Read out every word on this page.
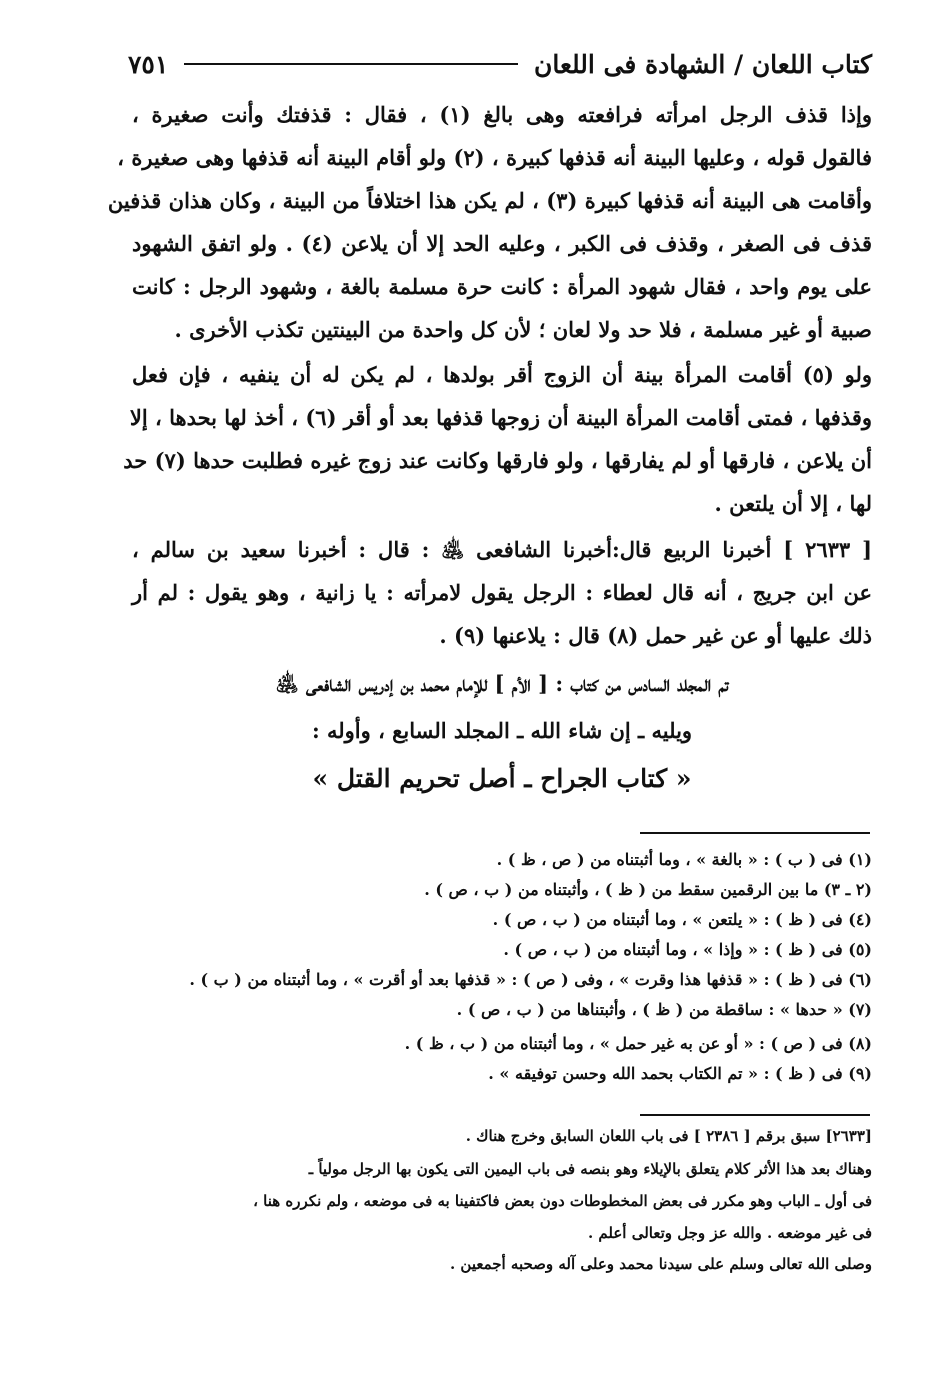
كتاب اللعان / الشهادة فى اللعان
٧٥١
وإذا قذف الرجل امرأته فرافعته وهى بالغ (١) ، فقال : قذفتك وأنت صغيرة ،
فالقول قوله ، وعليها البينة أنه قذفها كبيرة ، (٢) ولو أقام البينة أنه قذفها وهى صغيرة ،
وأقامت هى البينة أنه قذفها كبيرة (٣) ، لم يكن هذا اختلافاً من البينة ، وكان هذان قذفين
قذف فى الصغر ، وقذف فى الكبر ، وعليه الحد إلا أن يلاعن (٤) . ولو اتفق الشهود
على يوم واحد ، فقال شهود المرأة : كانت حرة مسلمة بالغة ، وشهود الرجل : كانت
صبية أو غير مسلمة ، فلا حد ولا لعان ؛ لأن كل واحدة من البينتين تكذب الأخرى .
ولو (٥) أقامت المرأة بينة أن الزوج أقر بولدها ، لم يكن له أن ينفيه ، فإن فعل
وقذفها ، فمتى أقامت المرأة البينة أن زوجها قذفها بعد أو أقر (٦) ، أخذ لها بحدها ، إلا
أن يلاعن ، فارقها أو لم يفارقها ، ولو فارقها وكانت عند زوج غيره فطلبت حدها (٧) حد
لها ، إلا أن يلتعن .
[ ٢٦٣٣ ] أخبرنا الربيع قال:أخبرنا الشافعى ﵁ : قال : أخبرنا سعيد بن سالم ،
عن ابن جريج ، أنه قال لعطاء : الرجل يقول لامرأته : يا زانية ، وهو يقول : لم أر
ذلك عليها أو عن غير حمل (٨) قال : يلاعنها (٩) .
تم المجلد السادس من كتاب : [ الأم ] للإمام محمد بن إدريس الشافعى ﵁
ويليه ـ إن شاء الله ـ المجلد السابع ، وأوله :
« كتاب الجراح ـ أصل تحريم القتل »
(١) فى ( ب ) : « بالغة » ، وما أثبتناه من ( ص ، ظ ) .
(٢ ـ ٣) ما بين الرقمين سقط من ( ظ ) ، وأثبتناه من ( ب ، ص ) .
(٤) فى ( ظ ) : « يلتعن » ، وما أثبتناه من ( ب ، ص ) .
(٥) فى ( ظ ) : « وإذا » ، وما أثبتناه من ( ب ، ص ) .
(٦) فى ( ظ ) : « قذفها هذا وقرت » ، وفى ( ص ) : « قذفها بعد أو أقرت » ، وما أثبتناه من ( ب ) .
(٧) « حدها » : ساقطة من ( ظ ) ، وأثبتناها من ( ب ، ص ) .
(٨) فى ( ص ) : « أو عن به غير حمل » ، وما أثبتناه من ( ب ، ظ ) .
(٩) فى ( ظ ) : « تم الكتاب بحمد الله وحسن توفيقه » .
[٢٦٣٣] سبق برقم [ ٢٣٨٦ ] فى باب اللعان السابق وخرج هناك .
وهناك بعد هذا الأثر كلام يتعلق بالإيلاء وهو بنصه فى باب اليمين التى يكون بها الرجل مولياً ـ
فى أول ـ الباب وهو مكرر فى بعض المخطوطات دون بعض فاكتفينا به فى موضعه ، ولم نكرره هنا ،
فى غير موضعه . والله عز وجل وتعالى أعلم .
وصلى الله تعالى وسلم على سيدنا محمد وعلى آله وصحبه أجمعين .
